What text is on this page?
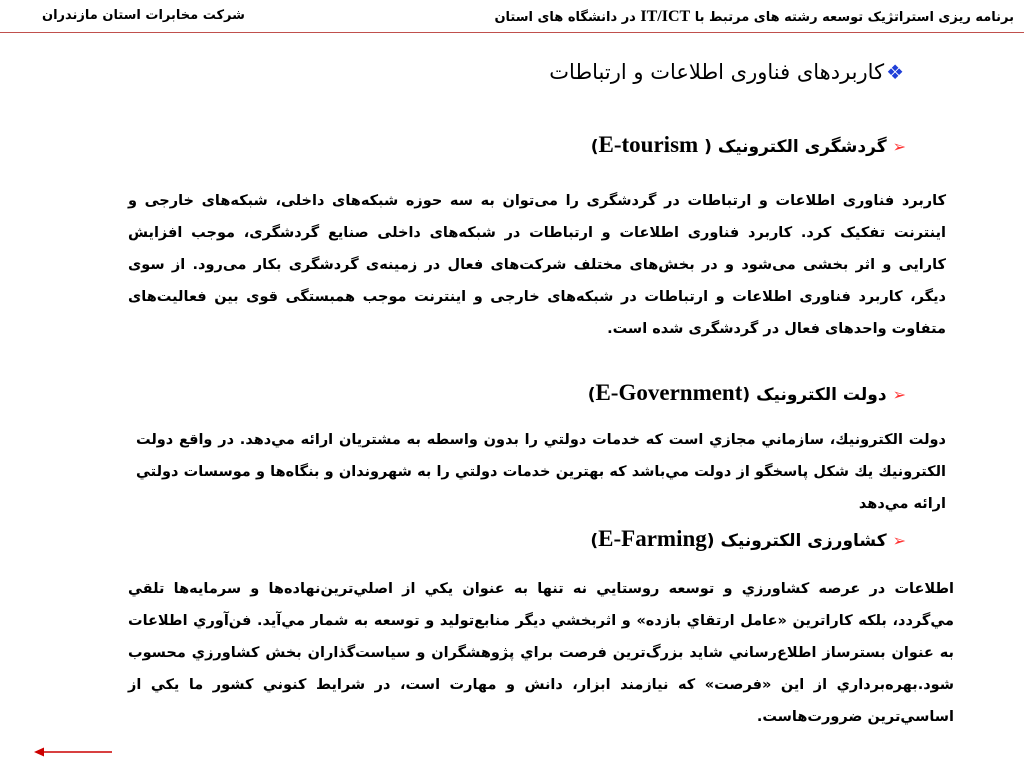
برنامه ریزی استراتژیک توسعه رشته های مرتبط با IT/ICT در دانشگاه های استان
شرکت مخابرات استان مازندران
❖کاربردهای فناوری اطلاعات و ارتباطات
➢گردشگری الکترونیک ( E-tourism)
کاربرد فناوری اطلاعات و ارتباطات در گردشگری را می‌توان به سه حوزه شبکه‌های داخلی، شبکه‌های خارجی و اینترنت تفکیک کرد. کاربرد فناوری اطلاعات و ارتباطات در شبکه‌های داخلی صنایع گردشگری، موجب افزایش کارایی و اثر بخشی می‌شود و در بخش‌های مختلف شرکت‌های فعال در زمینه‌ی گردشگری بکار می‌رود. از سوی دیگر، کاربرد فناوری اطلاعات و ارتباطات در شبکه‌های خارجی و اینترنت موجب همبستگی قوی بین فعالیت‌های متفاوت واحدهای فعال در گردشگری شده است.
➢دولت الکترونیک (E-Government)
دولت الكترونيك، سازماني مجازي است كه خدمات دولتي را بدون واسطه به مشتريان ارائه مي‌دهد. در واقع دولت الكترونيك يك شكل پاسخگو از دولت مي‌باشد كه بهترين خدمات دولتي را به شهروندان و بنگاه‌ها و موسسات دولتي ارائه مي‌دهد
➢کشاورزی الکترونیک (E-Farming)
اطلاعات در عرصه كشاورزي و توسعه روستايي نه تنها به عنوان يكي از اصلي‌ترين‌نهاده‌ها و سرمايه‌ها تلقي مي‌گردد، بلكه كاراترين «عامل ارتقاي بازده» و اثربخشي ديگر منابع‌توليد و توسعه به شمار مي‌آيد. فن‌آوري اطلاعات به عنوان بسترساز اطلاع‌رساني شايد بزرگ‌ترين فرصت براي پژوهشگران و سياست‌گذاران بخش كشاورزي محسوب شود.بهره‌برداري از اين «فرصت» كه نيازمند ابزار، دانش و مهارت است، در شرايط كنوني كشور ما يكي از اساسي‌ترين ضرورت‌هاست.
